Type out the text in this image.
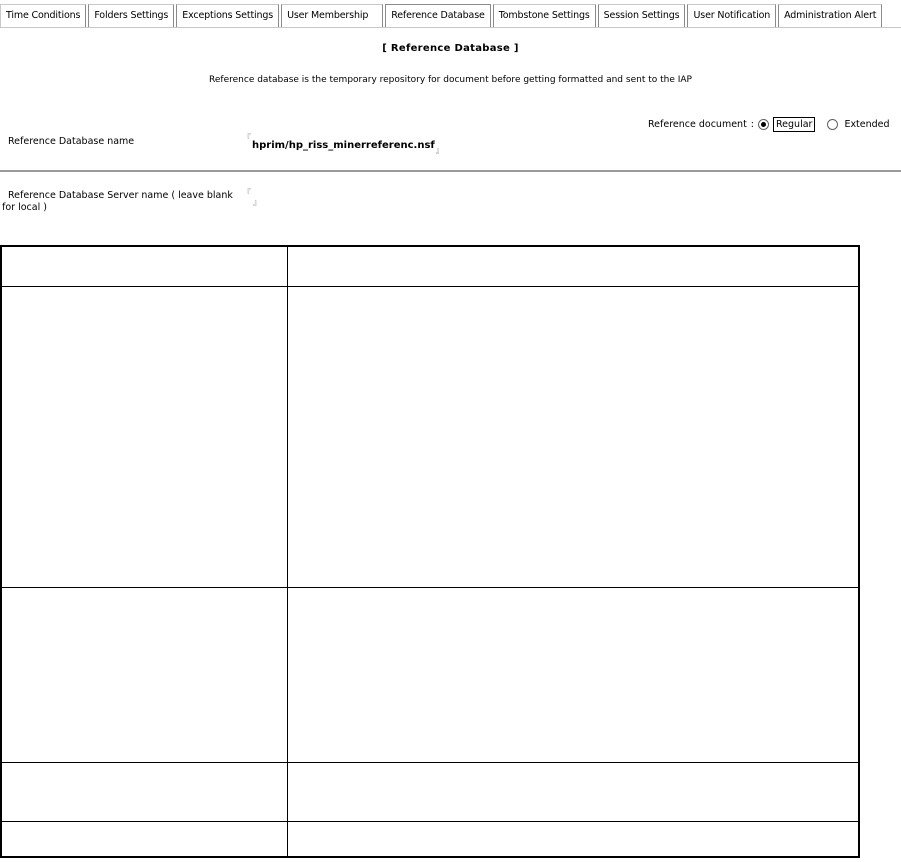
Time Conditions	Folders Settings	Exceptions Settings	User Membership	Reference Database	Tombstone Settings	Session Settings	User Notification	Administration Alert
[ Reference Database ]
Reference database is the temporary repository for document before getting formatted and sent to the IAP
Reference document :	Regular	Extended
Reference Database name	『
hprim/hp_riss_minerreferenc.nsf 』
Reference Database Server name ( leave blank for local )
『
』
